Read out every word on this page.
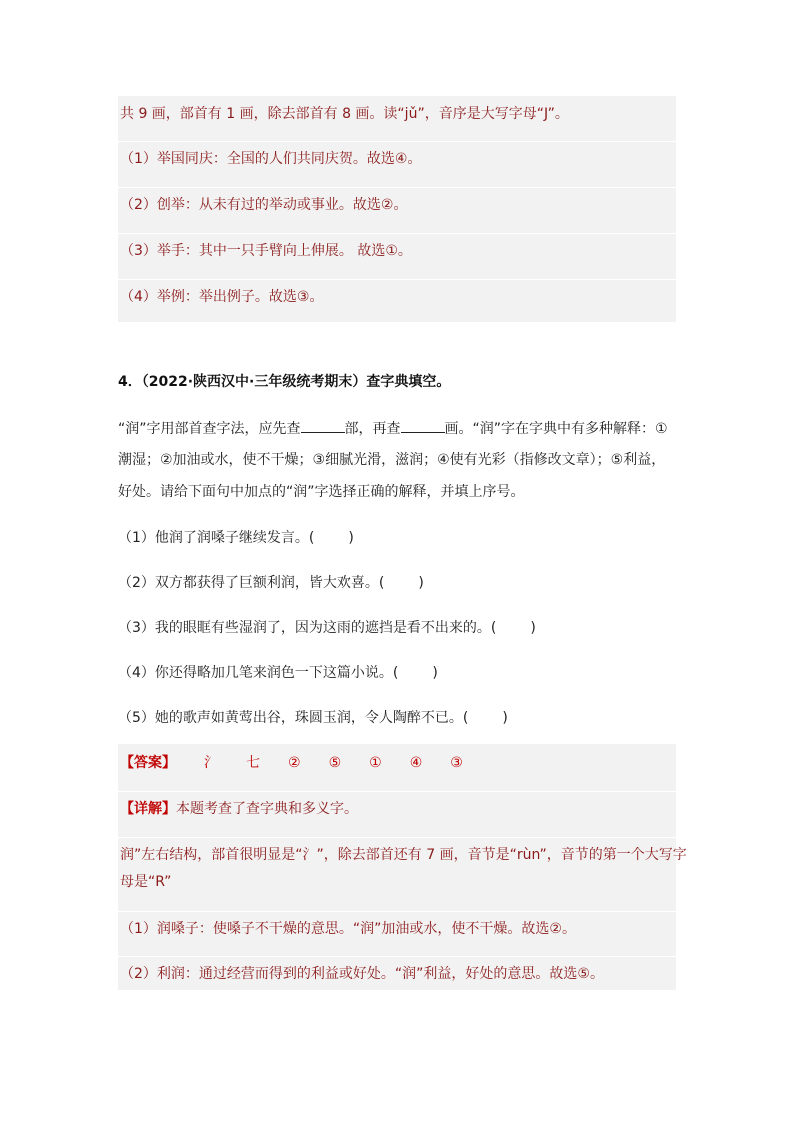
共 9 画，部首有 1 画，除去部首有 8 画。读“jǔ”，音序是大写字母“J”。
（1）举国同庆：全国的人们共同庆贺。故选④。
（2）创举：从未有过的举动或事业。故选②。
（3）举手：其中一只手臂向上伸展。 故选①。
（4）举例：举出例子。故选③。
4．（2022·陕西汉中·三年级统考期末）查字典填空。
“润”字用部首查字法，应先查	部，再查	画。“润”字在字典中有多种解释：①
潮湿；②加油或水，使不干燥；③细腻光滑，滋润；④使有光彩（指修改文章）；⑤利益，
好处。请给下面句中加点的“润”字选择正确的解释，并填上序号。
（1）他润了润嗓子继续发言。( )
（2）双方都获得了巨额利润，皆大欢喜。( )
（3）我的眼眶有些湿润了，因为这雨的遮挡是看不出来的。( )
（4）你还得略加几笔来润色一下这篇小说。( )
（5）她的歌声如黄莺出谷，珠圆玉润，令人陶醉不已。( )
【答案】 氵 七 ② ⑤ ① ④ ③
【详解】本题考查了查字典和多义字。
润”左右结构，部首很明显是“氵”，除去部首还有 7 画，音节是“rùn”，音节的第一个大写字
母是“R”
（1）润嗓子：使嗓子不干燥的意思。“润”加油或水，使不干燥。故选②。
（2）利润：通过经营而得到的利益或好处。“润”利益，好处的意思。故选⑤。
